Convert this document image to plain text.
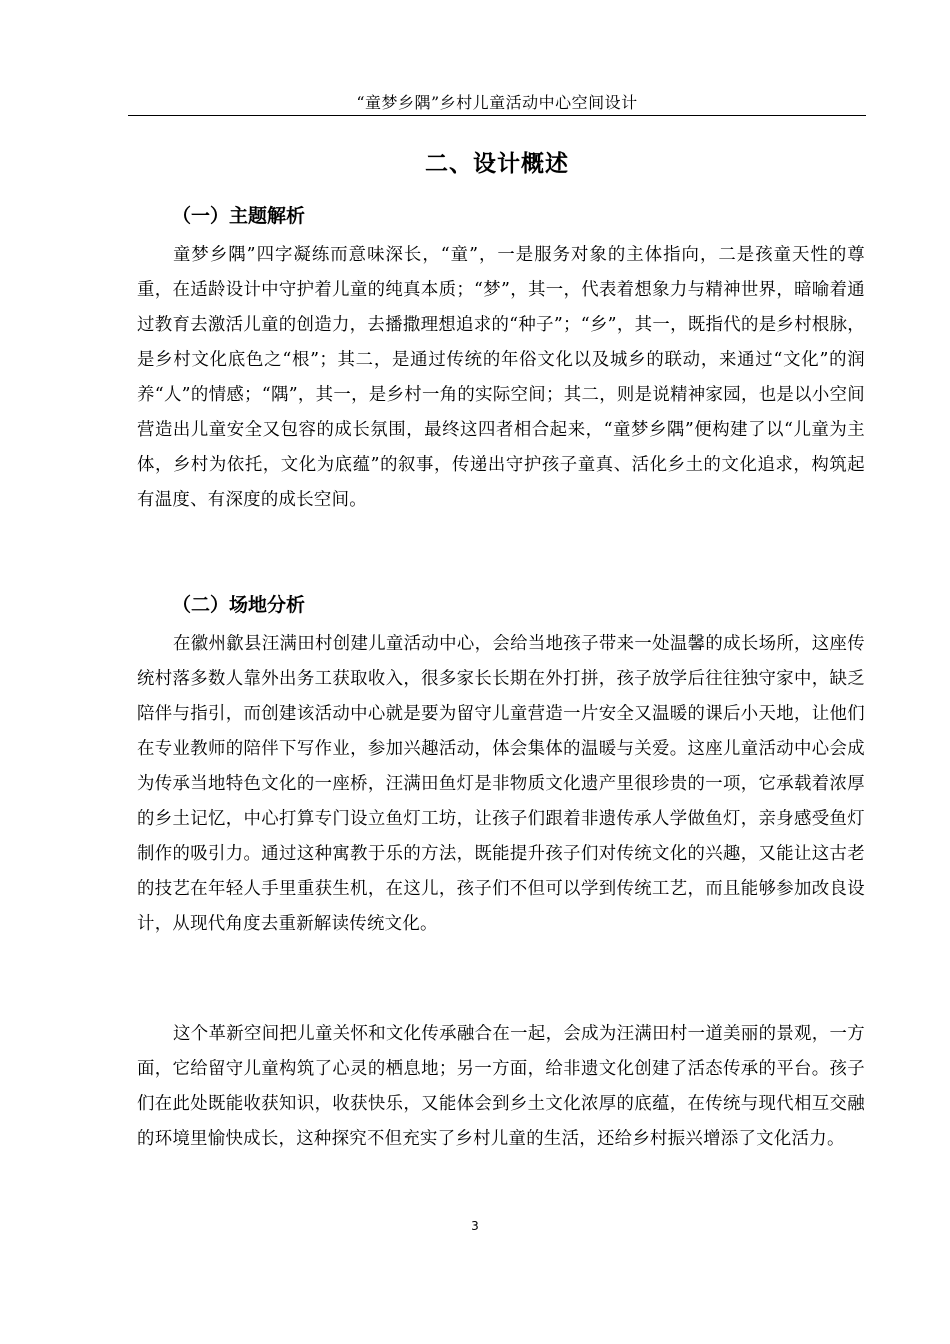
“童梦乡隅”乡村儿童活动中心空间设计
二、设计概述
（一）主题解析

童梦乡隅”四字凝练而意味深长，“童”，一是服务对象的主体指向，二是孩童天性的尊重，在适龄设计中守护着儿童的纯真本质；“梦”，其一，代表着想象力与精神世界，暗喻着通过教育去激活儿童的创造力，去播撒理想追求的“种子”；“乡”，其一，既指代的是乡村根脉，是乡村文化底色之“根”；其二，是通过传统的年俗文化以及城乡的联动，来通过“文化”的润养“人”的情感；“隅”，其一，是乡村一角的实际空间；其二，则是说精神家园，也是以小空间营造出儿童安全又包容的成长氛围，最终这四者相合起来，“童梦乡隅”便构建了以“儿童为主体，乡村为依托，文化为底蕴”的叙事，传递出守护孩子童真、活化乡土的文化追求，构筑起有温度、有深度的成长空间。

（二）场地分析

在徽州歙县汪满田村创建儿童活动中心，会给当地孩子带来一处温馨的成长场所，这座传统村落多数人靠外出务工获取收入，很多家长长期在外打拼，孩子放学后往往独守家中，缺乏陪伴与指引，而创建该活动中心就是要为留守儿童营造一片安全又温暖的课后小天地，让他们在专业教师的陪伴下写作业，参加兴趣活动，体会集体的温暖与关爱。这座儿童活动中心会成为传承当地特色文化的一座桥，汪满田鱼灯是非物质文化遗产里很珍贵的一项，它承载着浓厚的乡土记忆，中心打算专门设立鱼灯工坊，让孩子们跟着非遗传承人学做鱼灯，亲身感受鱼灯制作的吸引力。通过这种寓教于乐的方法，既能提升孩子们对传统文化的兴趣，又能让这古老的技艺在年轻人手里重获生机，在这儿，孩子们不但可以学到传统工艺，而且能够参加改良设计，从现代角度去重新解读传统文化。

这个革新空间把儿童关怀和文化传承融合在一起，会成为汪满田村一道美丽的景观，一方面，它给留守儿童构筑了心灵的栖息地；另一方面，给非遗文化创建了活态传承的平台。孩子们在此处既能收获知识，收获快乐，又能体会到乡土文化浓厚的底蕴，在传统与现代相互交融的环境里愉快成长，这种探究不但充实了乡村儿童的生活，还给乡村振兴增添了文化活力。

3
